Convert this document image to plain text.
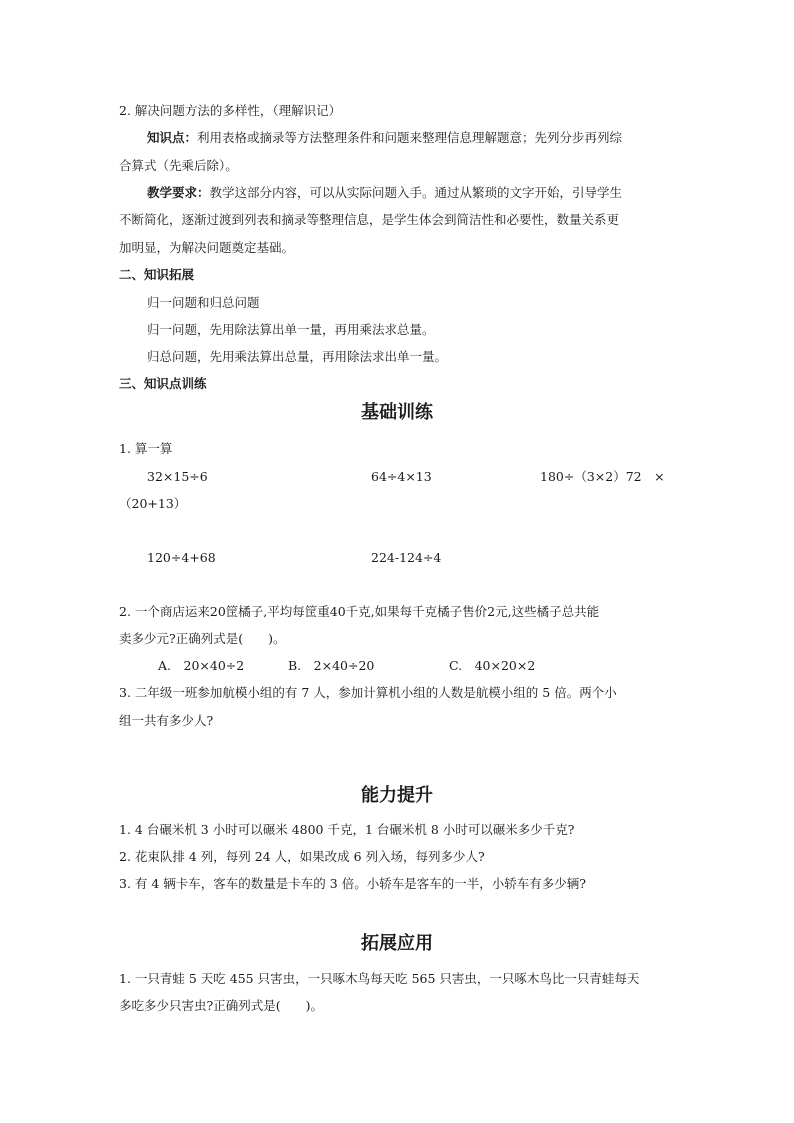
2. 解决问题方法的多样性，（理解识记）
知识点：利用表格或摘录等方法整理条件和问题来整理信息理解题意；先列分步再列综
合算式（先乘后除）。
教学要求：教学这部分内容，可以从实际问题入手。通过从繁琐的文字开始，引导学生
不断简化，逐渐过渡到列表和摘录等整理信息，是学生体会到简洁性和必要性，数量关系更
加明显，为解决问题奠定基础。
二、知识拓展
归一问题和归总问题
归一问题，先用除法算出单一量，再用乘法求总量。
归总问题，先用乘法算出总量，再用除法求出单一量。
三、知识点训练
基础训练
1. 算一算
32×15÷6	64÷4×13	180÷（3×2）72　×
（20+13）
120÷4+68	224-124÷4
2. 一个商店运来20筐橘子,平均每筐重40千克,如果每千克橘子售价2元,这些橘子总共能
卖多少元?正确列式是(　　)。
A.　20×40÷2	B.　2×40÷20	C.　40×20×2
3. 二年级一班参加航模小组的有 7 人，参加计算机小组的人数是航模小组的 5 倍。两个小
组一共有多少人?
能力提升
1. 4 台碾米机 3 小时可以碾米 4800 千克，1 台碾米机 8 小时可以碾米多少千克?
2. 花束队排 4 列，每列 24 人，如果改成 6 列入场，每列多少人?
3. 有 4 辆卡车，客车的数量是卡车的 3 倍。小轿车是客车的一半，小轿车有多少辆?
拓展应用
1. 一只青蛙 5 天吃 455 只害虫，一只啄木鸟每天吃 565 只害虫，一只啄木鸟比一只青蛙每天
多吃多少只害虫?正确列式是(　　)。
